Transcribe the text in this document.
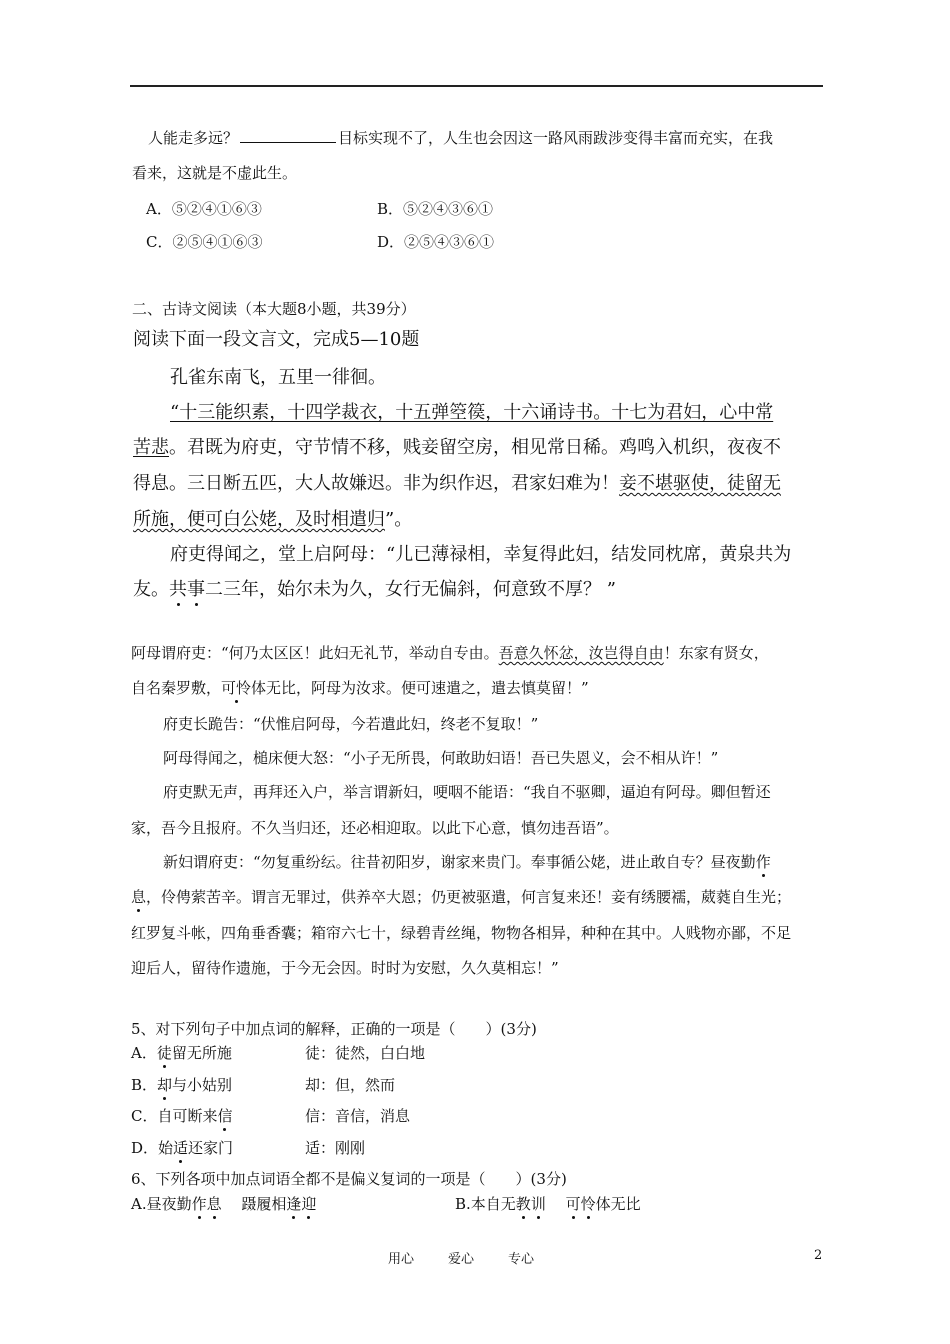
人能走多远？	目标实现不了，人生也会因这一路风雨跋涉变得丰富而充实，在我
看来，这就是不虚此生。
A．⑤②④①⑥③	B．⑤②④③⑥①
C．②⑤④①⑥③	D．②⑤④③⑥①
二、古诗文阅读（本大题8小题，共39分）
阅读下面一段文言文，完成5—10题
孔雀东南飞，五里一徘徊。
“十三能织素，十四学裁衣，十五弹箜篌，十六诵诗书。十七为君妇，心中常
苦悲。君既为府吏，守节情不移，贱妾留空房，相见常日稀。鸡鸣入机织，夜夜不
得息。三日断五匹，大人故嫌迟。非为织作迟，君家妇难为！妾不堪驱使，徒留无
所施，便可白公姥，及时相遣归”。
府吏得闻之，堂上启阿母：“儿已薄禄相，幸复得此妇，结发同枕席，黄泉共为
友。共事二三年，始尔未为久，女行无偏斜，何意致不厚？ ”
阿母谓府吏：“何乃太区区！此妇无礼节，举动自专由。吾意久怀忿，汝岂得自由！东家有贤女，
自名秦罗敷，可怜体无比，阿母为汝求。便可速遣之，遣去慎莫留！”
府吏长跪告：“伏惟启阿母，今若遣此妇，终老不复取！”
阿母得闻之，槌床便大怒：“小子无所畏，何敢助妇语！吾已失恩义，会不相从许！”
府吏默无声，再拜还入户，举言谓新妇，哽咽不能语：“我自不驱卿，逼迫有阿母。卿但暂还
家，吾今且报府。不久当归还，还必相迎取。以此下心意，慎勿违吾语”。
新妇谓府吏：“勿复重纷纭。往昔初阳岁，谢家来贵门。奉事循公姥，进止敢自专？昼夜勤作
息，伶俜萦苦辛。谓言无罪过，供养卒大恩；仍更被驱遣，何言复来还！妾有绣腰襦，葳蕤自生光；
红罗复斗帐，四角垂香囊；箱帘六七十，绿碧青丝绳，物物各相异，种种在其中。人贱物亦鄙，不足
迎后人，留待作遗施，于今无会因。时时为安慰，久久莫相忘！”
5、对下列句子中加点词的解释，正确的一项是（　　）(3分)
A．徒留无所施	徒：徒然，白白地
B．却与小姑别	却：但，然而
C．自可断来信	信：音信，消息
D．始适还家门	适：刚刚
6、下列各项中加点词语全都不是偏义复词的一项是（　　）(3分)
A.昼夜勤作息　 蹑履相逢迎	B.本自无教训　 可怜体无比
用心	爱心	专心	2
